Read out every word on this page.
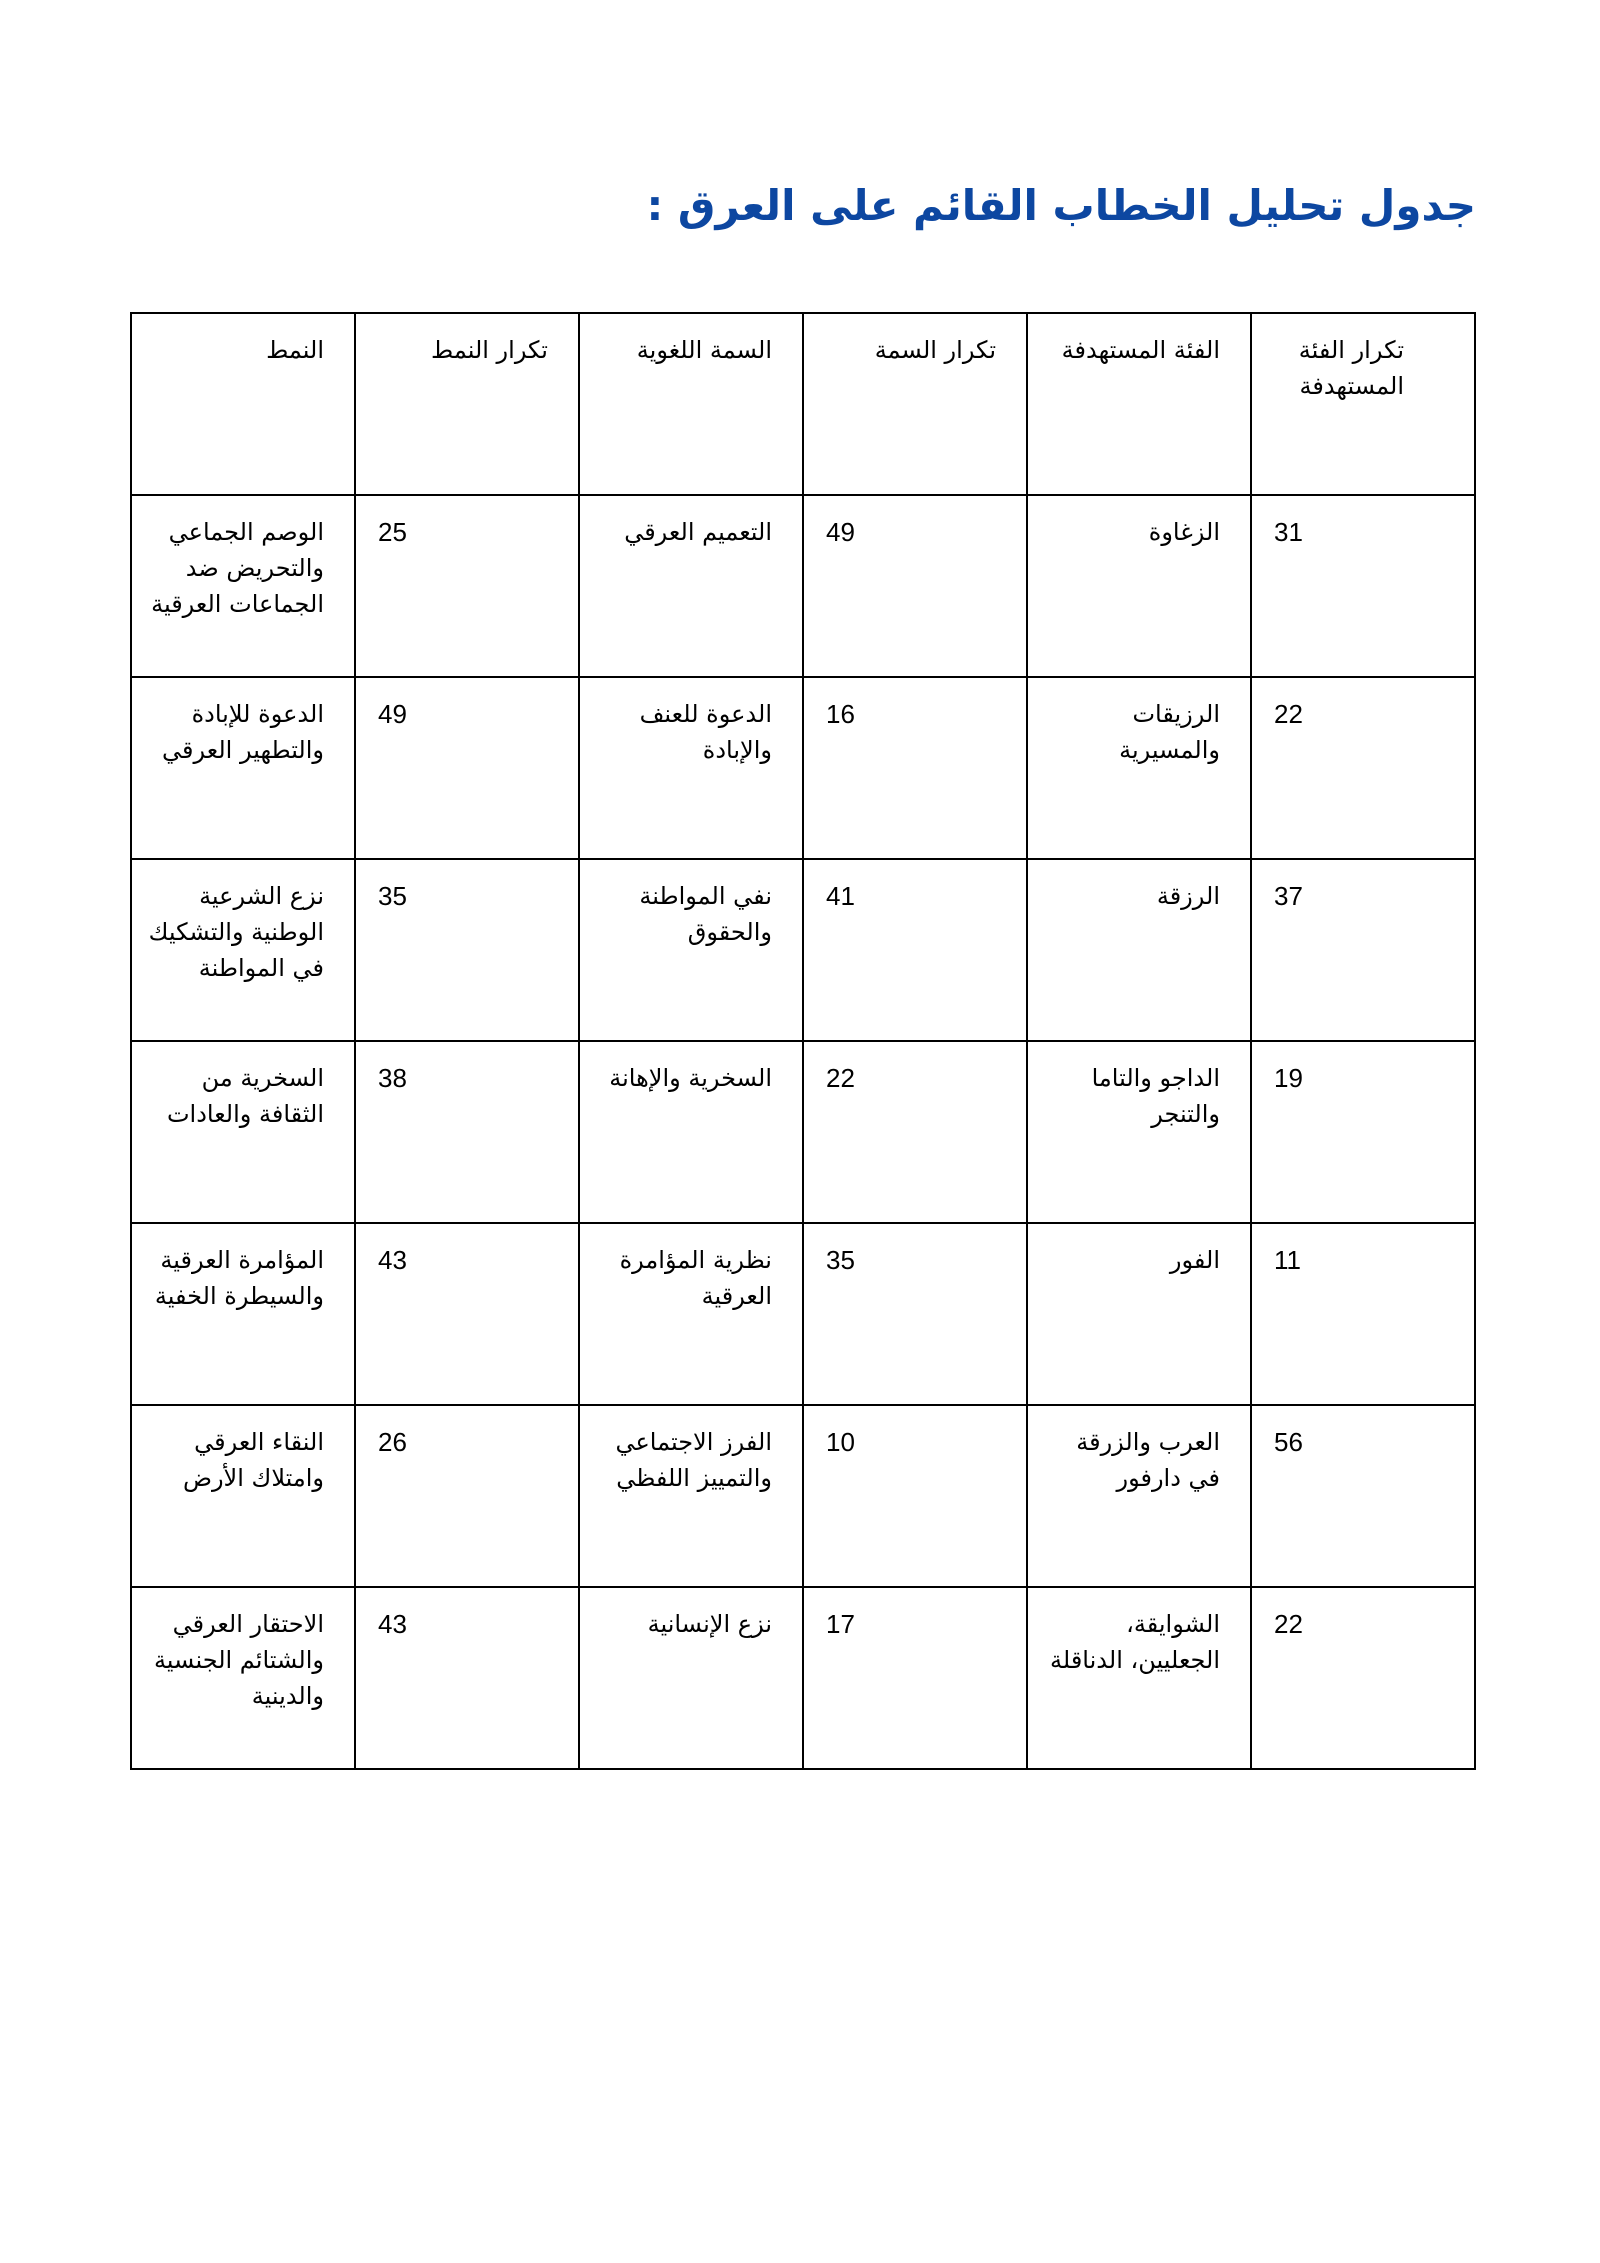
جدول تحليل الخطاب القائم على العرق :
النمط	تكرار النمط	السمة اللغوية	تكرار السمة	الفئة المستهدفة	تكرار الفئة المستهدفة

الوصم الجماعي والتحريض ضد الجماعات العرقية	25	التعميم العرقي	49	الزغاوة	31

الدعوة للإبادة والتطهير العرقي	49	الدعوة للعنف والإبادة	16	الرزيقات والمسيرية	22

نزع الشرعية الوطنية والتشكيك في المواطنة	35	نفي المواطنة والحقوق	41	الرزقة	37

السخرية من الثقافة والعادات	38	السخرية والإهانة	22	الداجو والتاما والتنجر	19

المؤامرة العرقية والسيطرة الخفية	43	نظرية المؤامرة العرقية	35	الفور	11

النقاء العرقي وامتلاك الأرض	26	الفرز الاجتماعي والتمييز اللفظي	10	العرب والزرقة في دارفور	56

الاحتقار العرقي والشتائم الجنسية والدينية	43	نزع الإنسانية	17	الشوايقة، الجعليين، الدناقلة	22
